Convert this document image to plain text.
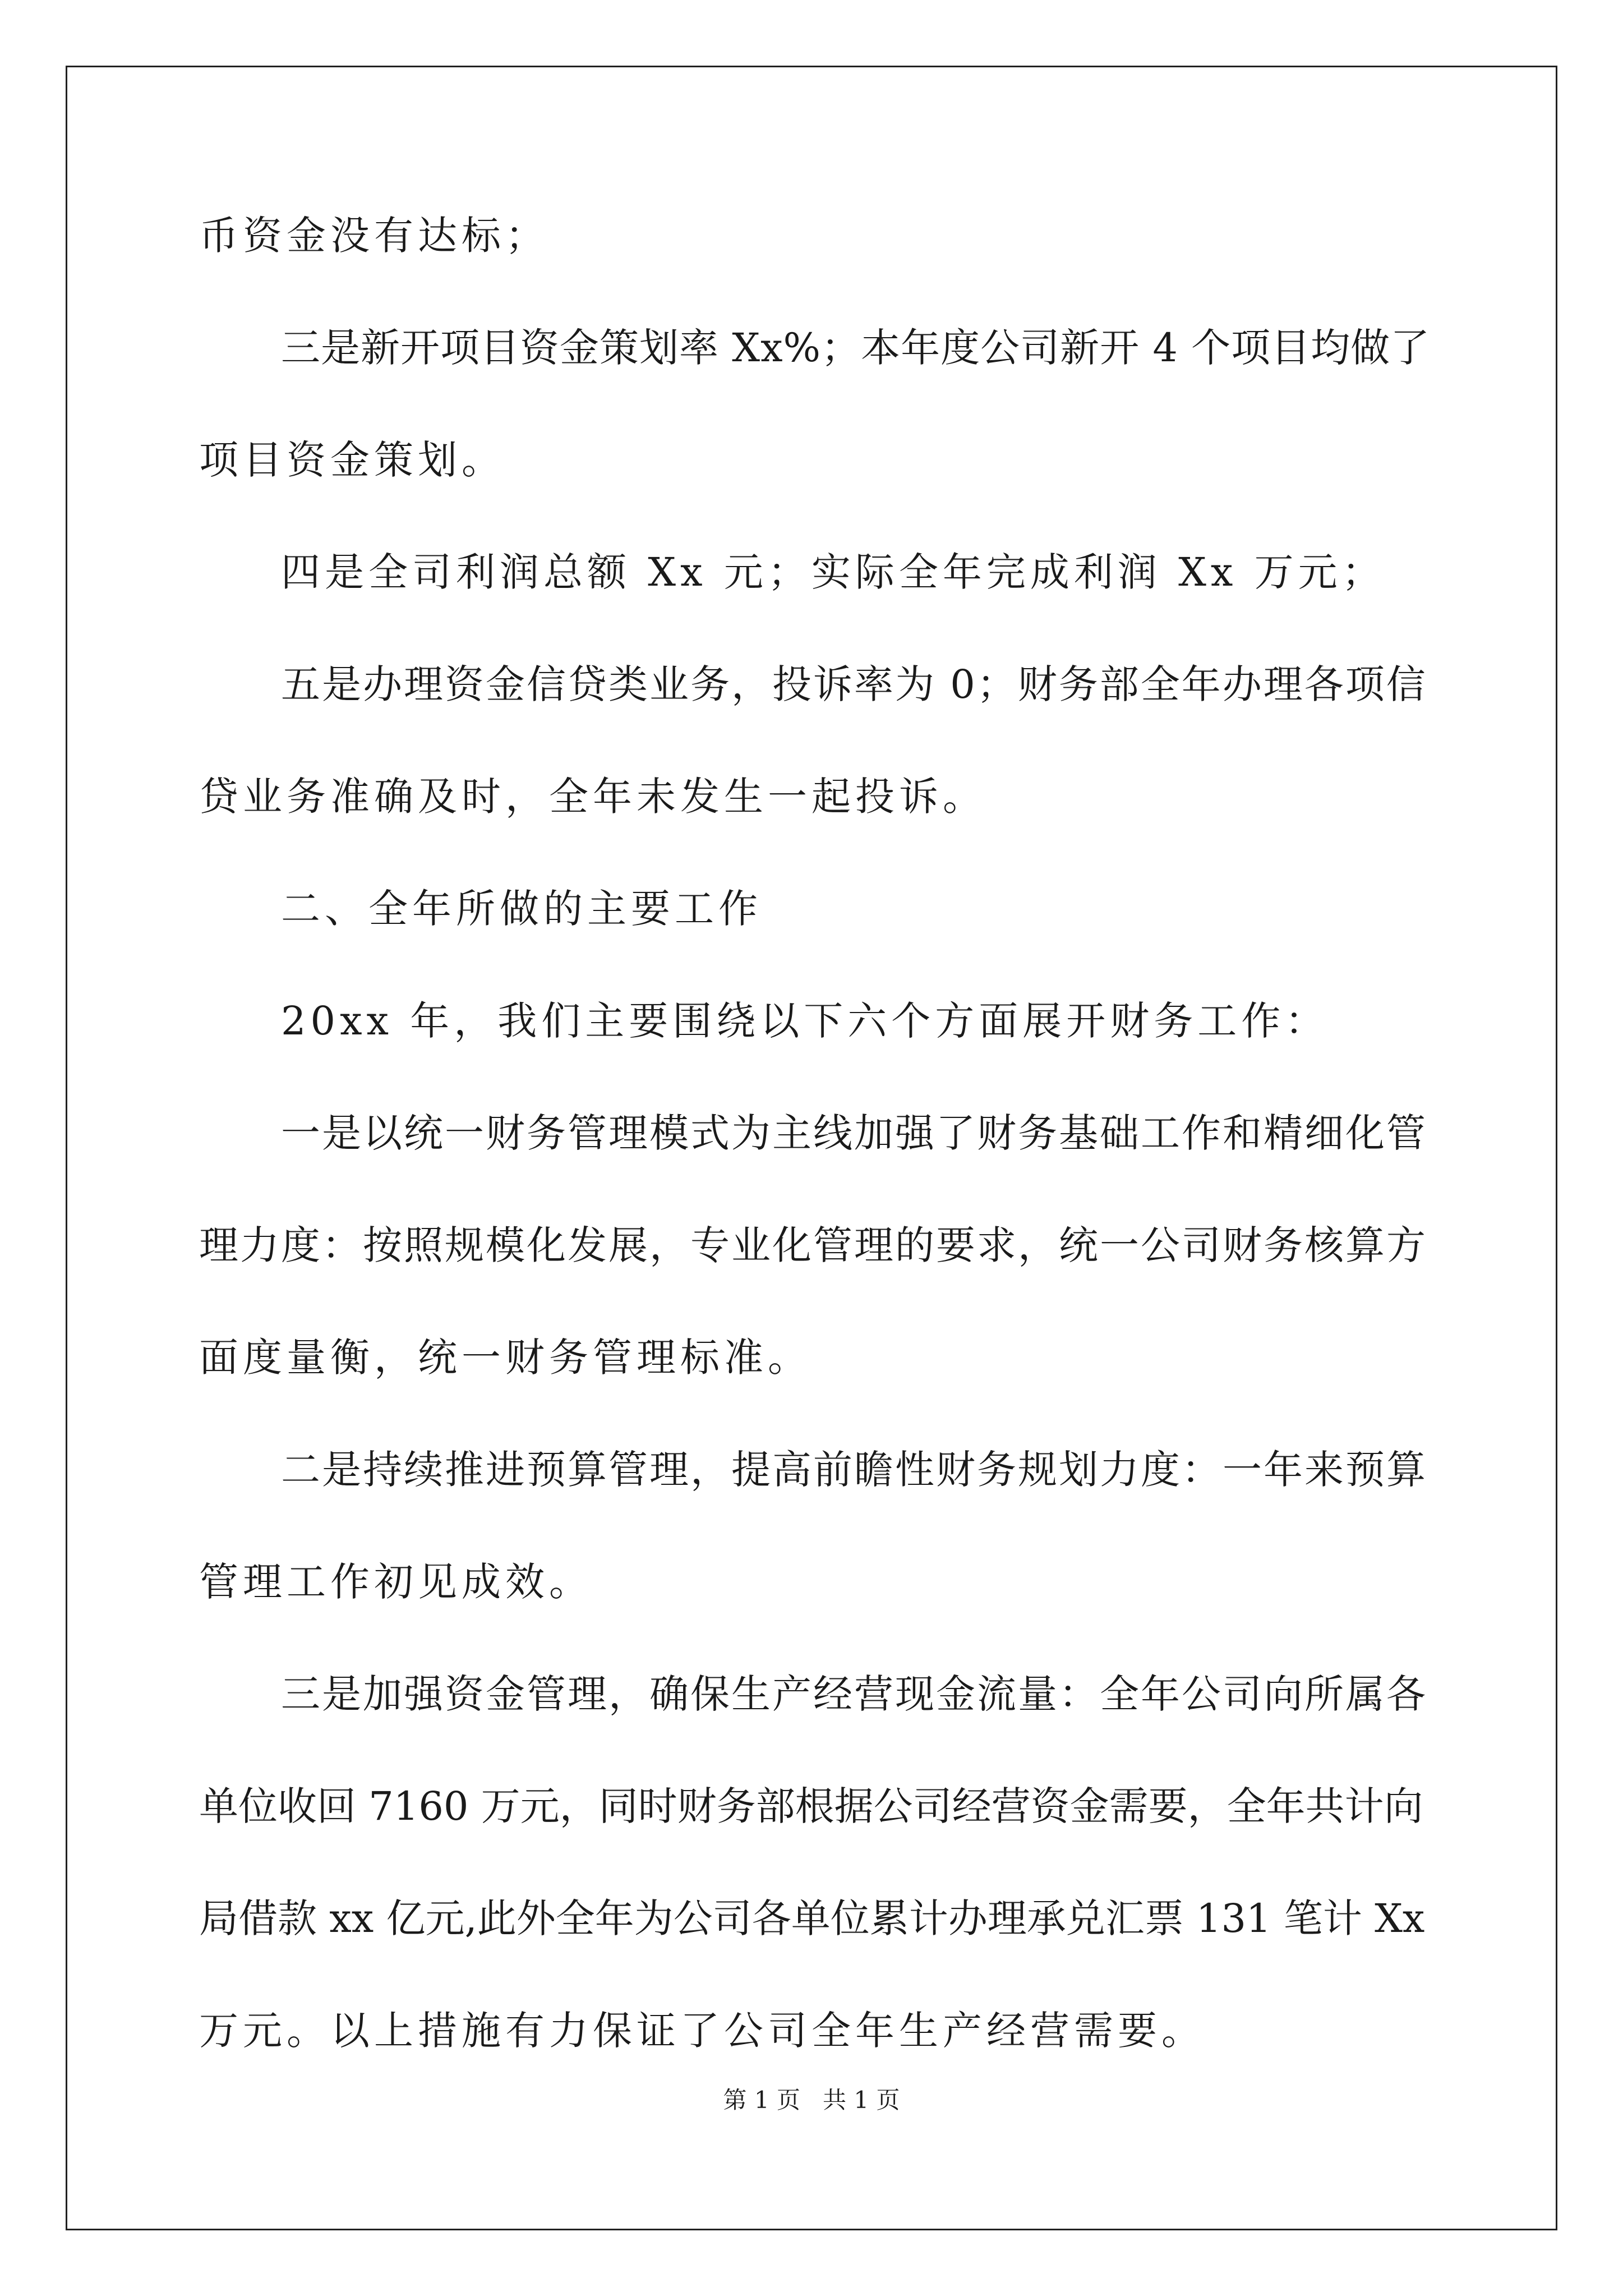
币资金没有达标；
三是新开项目资金策划率 Xx%；本年度公司新开 4 个项目均做了
项目资金策划。
四是全司利润总额 Xx 元；实际全年完成利润 Xx 万元；
五是办理资金信贷类业务，投诉率为 0；财务部全年办理各项信
贷业务准确及时，全年未发生一起投诉。
二、全年所做的主要工作
20xx 年，我们主要围绕以下六个方面展开财务工作：
一是以统一财务管理模式为主线加强了财务基础工作和精细化管
理力度：按照规模化发展，专业化管理的要求，统一公司财务核算方
面度量衡，统一财务管理标准。
二是持续推进预算管理，提高前瞻性财务规划力度：一年来预算
管理工作初见成效。
三是加强资金管理，确保生产经营现金流量：全年公司向所属各
单位收回 7160 万元，同时财务部根据公司经营资金需要，全年共计向
局借款 xx 亿元,此外全年为公司各单位累计办理承兑汇票 131 笔计 Xx
万元。以上措施有力保证了公司全年生产经营需要。
第 1 页   共 1 页
